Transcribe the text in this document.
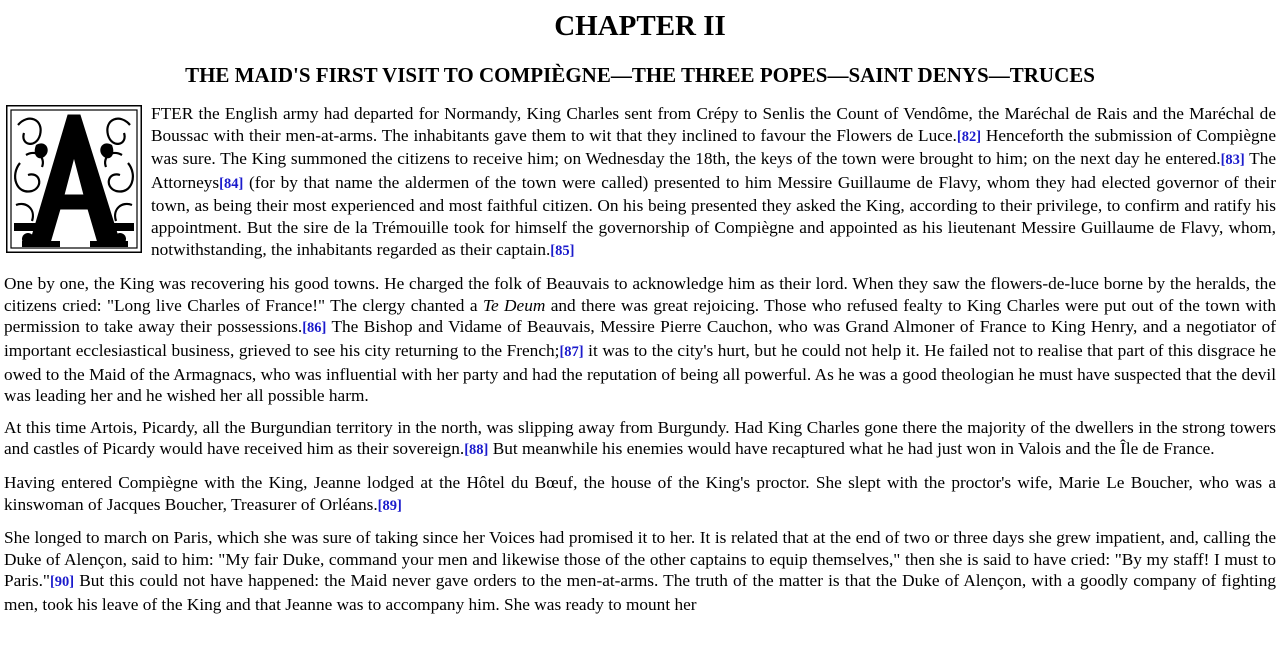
CHAPTER II
THE MAID'S FIRST VISIT TO COMPIÈGNE—THE THREE POPES—SAINT DENYS—TRUCES

FTER the English army had departed for Normandy, King Charles sent from Crépy to Senlis the Count of Vendôme, the Maréchal de Rais and the Maréchal de Boussac with their men-at-arms. The inhabitants gave them to wit that they inclined to favour the Flowers de Luce.[82] Henceforth the submission of Compiègne was sure. The King summoned the citizens to receive him; on Wednesday the 18th, the keys of the town were brought to him; on the next day he entered.[83] The Attorneys[84] (for by that name the aldermen of the town were called) presented to him Messire Guillaume de Flavy, whom they had elected governor of their town, as being their most experienced and most faithful citizen. On his being presented they asked the King, according to their privilege, to confirm and ratify his appointment. But the sire de la Trémouille took for himself the governorship of Compiègne and appointed as his lieutenant Messire Guillaume de Flavy, whom, notwithstanding, the inhabitants regarded as their captain.[85]

One by one, the King was recovering his good towns. He charged the folk of Beauvais to acknowledge him as their lord. When they saw the flowers-de-luce borne by the heralds, the citizens cried: "Long live Charles of France!" The clergy chanted a Te Deum and there was great rejoicing. Those who refused fealty to King Charles were put out of the town with permission to take away their possessions.[86] The Bishop and Vidame of Beauvais, Messire Pierre Cauchon, who was Grand Almoner of France to King Henry, and a negotiator of important ecclesiastical business, grieved to see his city returning to the French;[87] it was to the city's hurt, but he could not help it. He failed not to realise that part of this disgrace he owed to the Maid of the Armagnacs, who was influential with her party and had the reputation of being all powerful. As he was a good theologian he must have suspected that the devil was leading her and he wished her all possible harm.

At this time Artois, Picardy, all the Burgundian territory in the north, was slipping away from Burgundy. Had King Charles gone there the majority of the dwellers in the strong towers and castles of Picardy would have received him as their sovereign.[88] But meanwhile his enemies would have recaptured what he had just won in Valois and the Île de France.

Having entered Compiègne with the King, Jeanne lodged at the Hôtel du Bœuf, the house of the King's proctor. She slept with the proctor's wife, Marie Le Boucher, who was a kinswoman of Jacques Boucher, Treasurer of Orléans.[89]

She longed to march on Paris, which she was sure of taking since her Voices had promised it to her. It is related that at the end of two or three days she grew impatient, and, calling the Duke of Alençon, said to him: "My fair Duke, command your men and likewise those of the other captains to equip themselves," then she is said to have cried: "By my staff! I must to Paris."[90] But this could not have happened: the Maid never gave orders to the men-at-arms. The truth of the matter is that the Duke of Alençon, with a goodly company of fighting men, took his leave of the King and that Jeanne was to accompany him. She was ready to mount her
